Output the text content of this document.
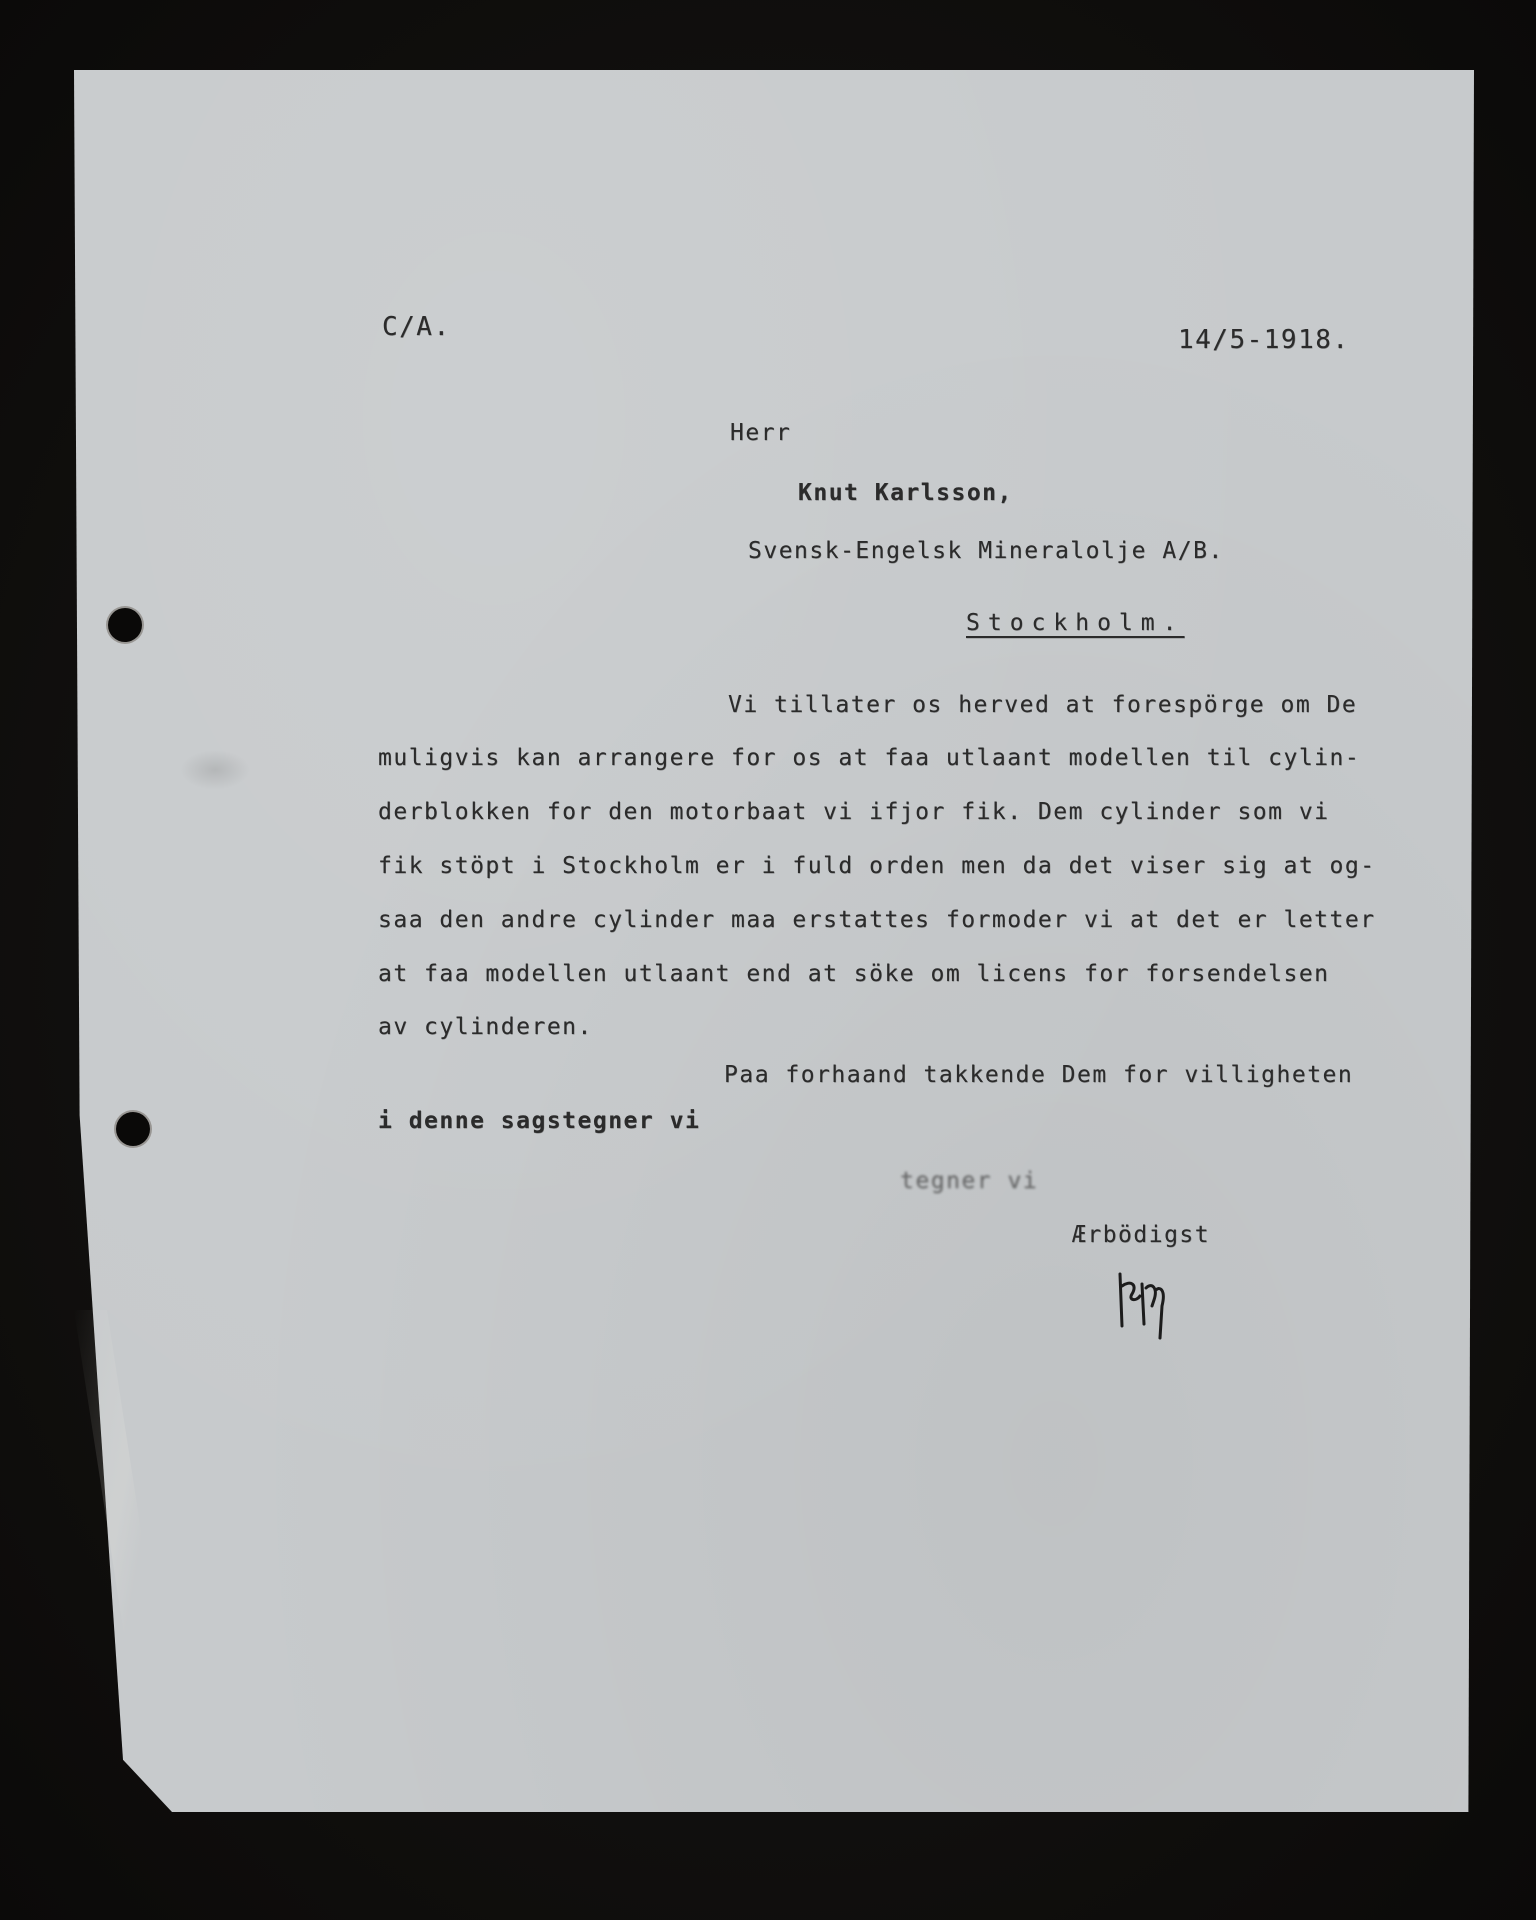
C/A.	14/5-1918.
Herr
Knut Karlsson,
Svensk-Engelsk Mineralolje A/B.
Stockholm.
Vi tillater os herved at forespörge om De
muligvis kan arrangere for os at faa utlaant modellen til cylin-
derblokken for den motorbaat vi ifjor fik. Dem cylinder som vi
fik stöpt i Stockholm er i fuld orden men da det viser sig at og-
saa den andre cylinder maa erstattes formoder vi at det er letter
at faa modellen utlaant end at söke om licens for forsendelsen
av cylinderen.
Paa forhaand takkende Dem for villigheten
i denne sagstegner vi
tegner vi
Ærbödigst
